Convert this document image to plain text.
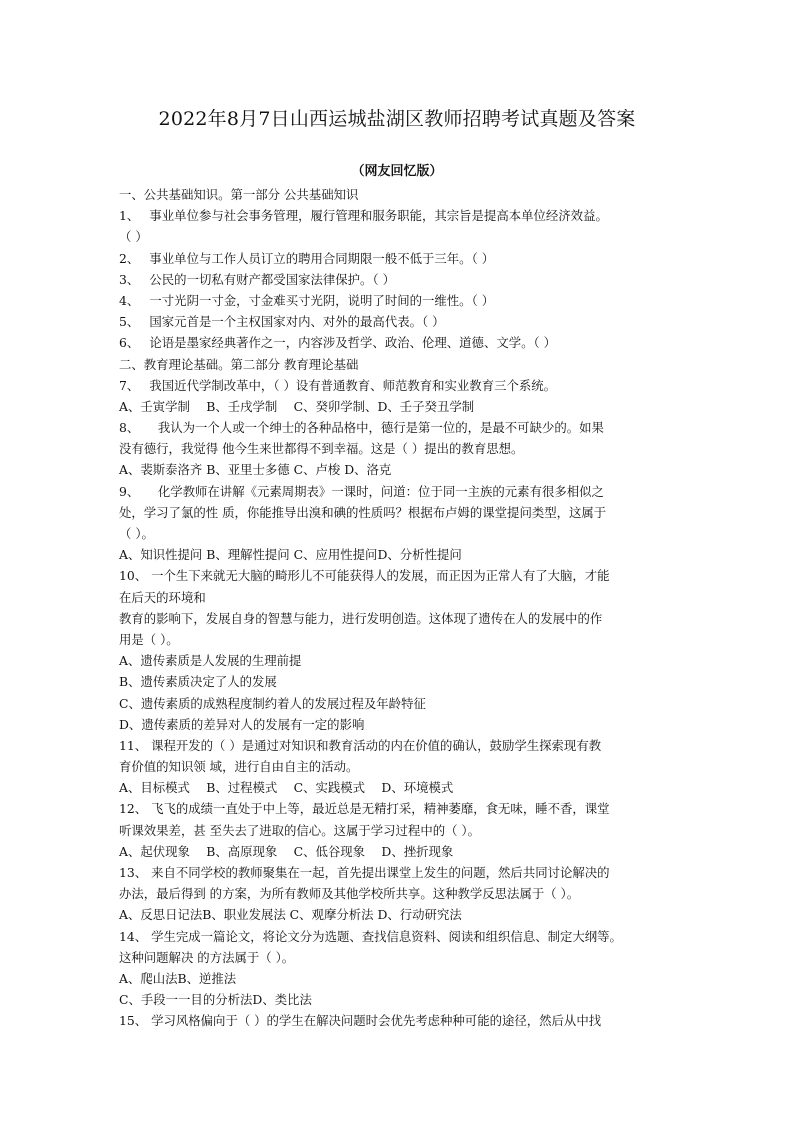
2022年8月7日山西运城盐湖区教师招聘考试真题及答案
（网友回忆版）
一、公共基础知识。第一部分 公共基础知识
1、　 事业单位参与社会事务管理，履行管理和服务职能，其宗旨是提高本单位经济效益。
（ ）
2、　 事业单位与工作人员订立的聘用合同期限一般不低于三年。（ ）
3、　 公民的一切私有财产都受国家法律保护。（ ）
4、　 一寸光阴一寸金，寸金难买寸光阴，说明了时间的一维性。（ ）
5、　 国家元首是一个主权国家对内、对外的最高代表。（ ）
6、　 论语是墨家经典著作之一，内容涉及哲学、政治、伦理、道德、文学。（ ）
二、教育理论基础。第二部分 教育理论基础
7、　 我国近代学制改革中，（ ）设有普通教育、师范教育和实业教育三个系统。
A、壬寅学制　 B、壬戌学制　 C、癸卯学制、D、壬子癸丑学制
8、　　我认为一个人或一个绅士的各种品格中，德行是第一位的，是最不可缺少的。如果
没有德行，我觉得 他今生来世都得不到幸福。这是（ ）提出的教育思想。
A、裴斯泰洛齐 B、亚里士多德 C、卢梭 D、洛克
9、　　化学教师在讲解《元素周期表》一课时，问道：位于同一主族的元素有很多相似之
处，学习了氯的性 质，你能推导出溴和碘的性质吗？根据布卢姆的课堂提问类型，这属于
（ ）。
A、知识性提问 B、理解性提问 C、应用性提问D、分析性提问
10、 一个生下来就无大脑的畸形儿不可能获得人的发展，而正因为正常人有了大脑，才能
在后天的环境和
教育的影响下，发展自身的智慧与能力，进行发明创造。这体现了遗传在人的发展中的作
用是（ ）。
A、遗传素质是人发展的生理前提
B、遗传素质决定了人的发展
C、遗传素质的成熟程度制约着人的发展过程及年龄特征
D、遗传素质的差异对人的发展有一定的影响
11、 课程开发的（ ）是通过对知识和教育活动的内在价值的确认，鼓励学生探索现有教
育价值的知识领 域，进行自由自主的活动。
A、目标模式　 B、过程模式　 C、实践模式　 D、环境模式
12、 飞飞的成绩一直处于中上等，最近总是无精打采，精神萎靡，食无味，睡不香，课堂
听课效果差，甚 至失去了进取的信心。这属于学习过程中的（ ）。
A、起伏现象　 B、高原现象　 C、低谷现象　 D、挫折现象
13、 来自不同学校的教师聚集在一起，首先提出课堂上发生的问题，然后共同讨论解决的
办法，最后得到 的方案，为所有教师及其他学校所共享。这种教学反思法属于（ ）。
A、反思日记法B、职业发展法 C、观摩分析法 D、行动研究法
14、 学生完成一篇论文，将论文分为选题、查找信息资料、阅读和组织信息、制定大纲等。
这种问题解决 的方法属于（ ）。
A、爬山法B、逆推法
C、手段一一目的分析法D、类比法
15、 学习风格偏向于（ ）的学生在解决问题时会优先考虑种种可能的途径，然后从中找
